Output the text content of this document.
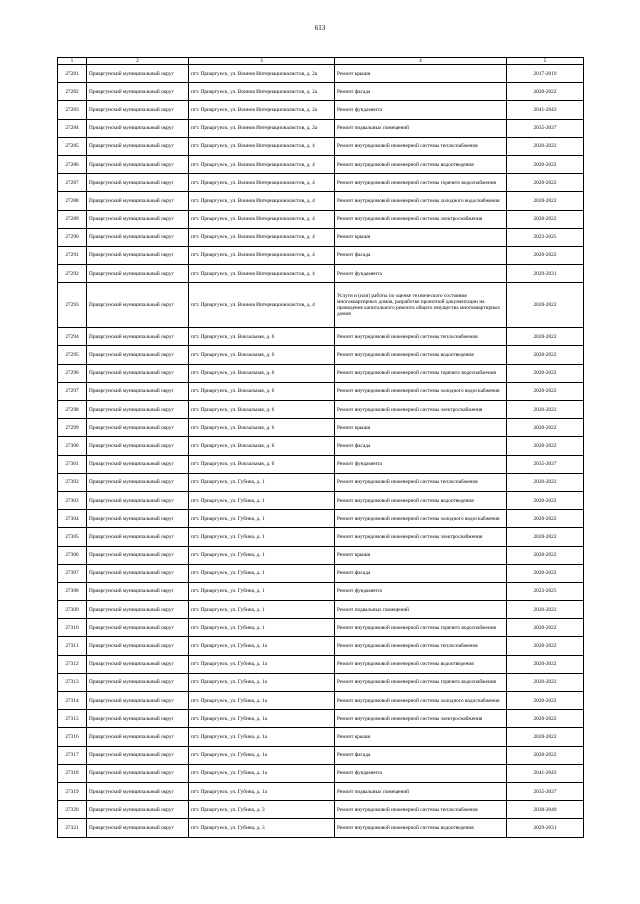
613
1	2	3	4	5
27281	Приаргунский муниципальный округ	пгт. Приаргунск, ул. Воинов Интернационалистов, д. 2а	Ремонт крыши	2017-2019
27282	Приаргунский муниципальный округ	пгт. Приаргунск, ул. Воинов Интернационалистов, д. 2а	Ремонт фасада	2020-2022
27283	Приаргунский муниципальный округ	пгт. Приаргунск, ул. Воинов Интернационалистов, д. 2а	Ремонт фундамента	2041-2043
27284	Приаргунский муниципальный округ	пгт. Приаргунск, ул. Воинов Интернационалистов, д. 2а	Ремонт подвальных помещений	2035-2037
27285	Приаргунский муниципальный округ	пгт. Приаргунск, ул. Воинов Интернационалистов, д. 4	Ремонт внутридомовой инженерной системы теплоснабжения	2020-2022
27286	Приаргунский муниципальный округ	пгт. Приаргунск, ул. Воинов Интернационалистов, д. 4	Ремонт внутридомовой инженерной системы водоотведения	2020-2022
27287	Приаргунский муниципальный округ	пгт. Приаргунск, ул. Воинов Интернационалистов, д. 4	Ремонт внутридомовой инженерной системы горячего водоснабжения	2020-2022
27288	Приаргунский муниципальный округ	пгт. Приаргунск, ул. Воинов Интернационалистов, д. 4	Ремонт внутридомовой инженерной системы холодного водоснабжения	2020-2022
27289	Приаргунский муниципальный округ	пгт. Приаргунск, ул. Воинов Интернационалистов, д. 4	Ремонт внутридомовой инженерной системы электроснабжения	2020-2022
27290	Приаргунский муниципальный округ	пгт. Приаргунск, ул. Воинов Интернационалистов, д. 4	Ремонт крыши	2023-2025
27291	Приаргунский муниципальный округ	пгт. Приаргунск, ул. Воинов Интернационалистов, д. 4	Ремонт фасада	2020-2022
27292	Приаргунский муниципальный округ	пгт. Приаргунск, ул. Воинов Интернационалистов, д. 4	Ремонт фундамента	2029-2031
27293	Приаргунский муниципальный округ	пгт. Приаргунск, ул. Воинов Интернационалистов, д. 4	Услуги и (или) работы по оценке технического состояния многоквартирных домов, разработке проектной документации на проведение капитального ремонта общего имущества многоквартирных домов	2020-2022
27294	Приаргунский муниципальный округ	пгт. Приаргунск, ул. Вокзальная, д. 6	Ремонт внутридомовой инженерной системы теплоснабжения	2020-2022
27295	Приаргунский муниципальный округ	пгт. Приаргунск, ул. Вокзальная, д. 6	Ремонт внутридомовой инженерной системы водоотведения	2020-2022
27296	Приаргунский муниципальный округ	пгт. Приаргунск, ул. Вокзальная, д. 6	Ремонт внутридомовой инженерной системы горячего водоснабжения	2020-2022
27297	Приаргунский муниципальный округ	пгт. Приаргунск, ул. Вокзальная, д. 6	Ремонт внутридомовой инженерной системы холодного водоснабжения	2020-2022
27298	Приаргунский муниципальный округ	пгт. Приаргунск, ул. Вокзальная, д. 6	Ремонт внутридомовой инженерной системы электроснабжения	2020-2022
27299	Приаргунский муниципальный округ	пгт. Приаргунск, ул. Вокзальная, д. 6	Ремонт крыши	2020-2022
27300	Приаргунский муниципальный округ	пгт. Приаргунск, ул. Вокзальная, д. 6	Ремонт фасада	2020-2022
27301	Приаргунский муниципальный округ	пгт. Приаргунск, ул. Вокзальная, д. 6	Ремонт фундамента	2035-2037
27302	Приаргунский муниципальный округ	пгт. Приаргунск, ул. Губина, д. 1	Ремонт внутридомовой инженерной системы теплоснабжения	2020-2022
27303	Приаргунский муниципальный округ	пгт. Приаргунск, ул. Губина, д. 1	Ремонт внутридомовой инженерной системы водоотведения	2020-2022
27304	Приаргунский муниципальный округ	пгт. Приаргунск, ул. Губина, д. 1	Ремонт внутридомовой инженерной системы холодного водоснабжения	2020-2022
27305	Приаргунский муниципальный округ	пгт. Приаргунск, ул. Губина, д. 1	Ремонт внутридомовой инженерной системы электроснабжения	2020-2022
27306	Приаргунский муниципальный округ	пгт. Приаргунск, ул. Губина, д. 1	Ремонт крыши	2020-2022
27307	Приаргунский муниципальный округ	пгт. Приаргунск, ул. Губина, д. 1	Ремонт фасада	2020-2022
27308	Приаргунский муниципальный округ	пгт. Приаргунск, ул. Губина, д. 1	Ремонт фундамента	2023-2025
27309	Приаргунский муниципальный округ	пгт. Приаргунск, ул. Губина, д. 1	Ремонт подвальных помещений	2020-2022
27310	Приаргунский муниципальный округ	пгт. Приаргунск, ул. Губина, д. 1	Ремонт внутридомовой инженерной системы горячего водоснабжения	2020-2022
27311	Приаргунский муниципальный округ	пгт. Приаргунск, ул. Губина, д. 1а	Ремонт внутридомовой инженерной системы теплоснабжения	2020-2022
27312	Приаргунский муниципальный округ	пгт. Приаргунск, ул. Губина, д. 1а	Ремонт внутридомовой инженерной системы водоотведения	2020-2022
27313	Приаргунский муниципальный округ	пгт. Приаргунск, ул. Губина, д. 1а	Ремонт внутридомовой инженерной системы горячего водоснабжения	2020-2022
27314	Приаргунский муниципальный округ	пгт. Приаргунск, ул. Губина, д. 1а	Ремонт внутридомовой инженерной системы холодного водоснабжения	2020-2022
27315	Приаргунский муниципальный округ	пгт. Приаргунск, ул. Губина, д. 1а	Ремонт внутридомовой инженерной системы электроснабжения	2020-2022
27316	Приаргунский муниципальный округ	пгт. Приаргунск, ул. Губина, д. 1а	Ремонт крыши	2020-2022
27317	Приаргунский муниципальный округ	пгт. Приаргунск, ул. Губина, д. 1а	Ремонт фасада	2020-2022
27318	Приаргунский муниципальный округ	пгт. Приаргунск, ул. Губина, д. 1а	Ремонт фундамента	2041-2043
27319	Приаргунский муниципальный округ	пгт. Приаргунск, ул. Губина, д. 1а	Ремонт подвальных помещений	2035-2037
27320	Приаргунский муниципальный округ	пгт. Приаргунск, ул. Губина, д. 3	Ремонт внутридомовой инженерной системы теплоснабжения	2038-2040
27321	Приаргунский муниципальный округ	пгт. Приаргунск, ул. Губина, д. 3	Ремонт внутридомовой инженерной системы водоотведения	2029-2031
